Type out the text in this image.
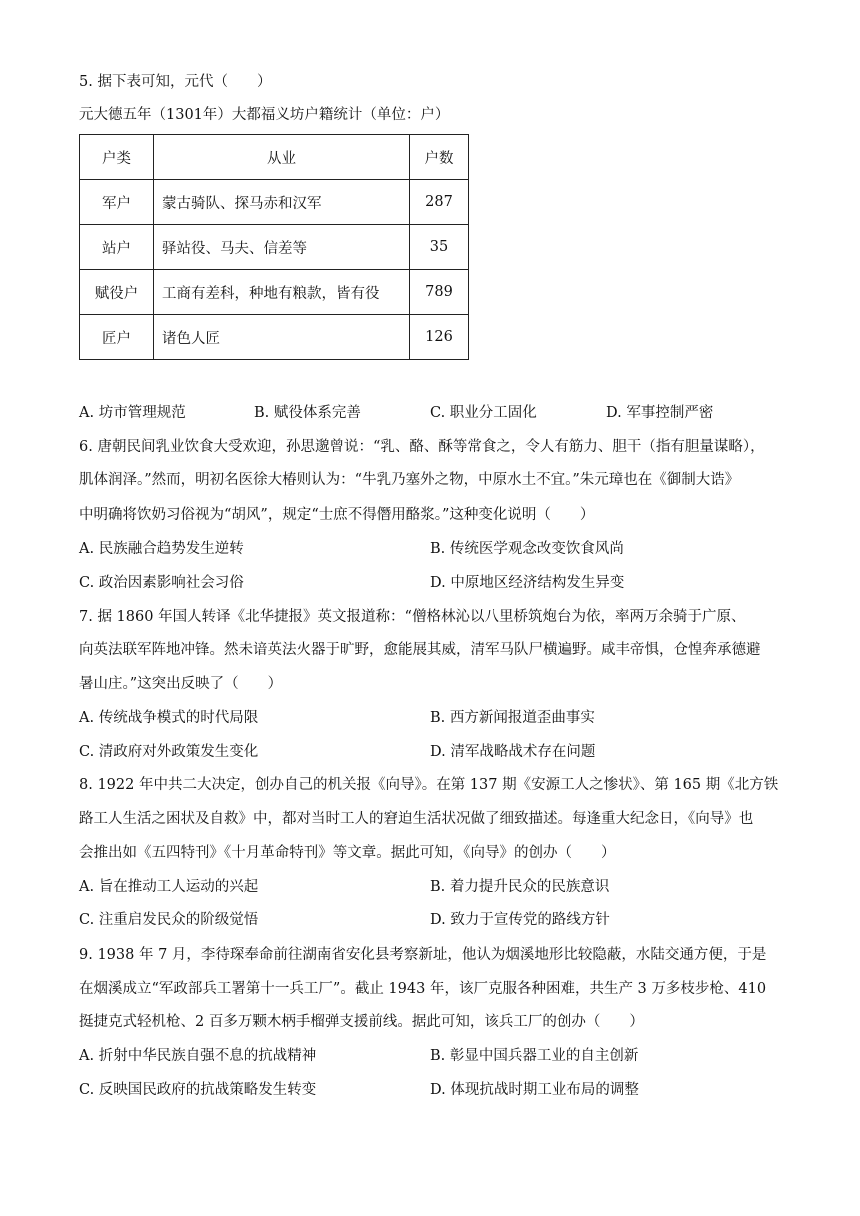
5. 据下表可知，元代（　　）
元大德五年（1301年）大都福义坊户籍统计（单位：户）
户类	从业	户数
军户	蒙古骑队、探马赤和汉军	287
站户	驿站役、马夫、信差等	35
赋役户	工商有差科，种地有粮款，皆有役	789
匠户	诸色人匠	126
A. 坊市管理规范	B. 赋役体系完善	C. 职业分工固化	D. 军事控制严密
6. 唐朝民间乳业饮食大受欢迎，孙思邈曾说：“乳、酪、酥等常食之，令人有筋力、胆干（指有胆量谋略），
肌体润泽。”然而，明初名医徐大椿则认为：“牛乳乃塞外之物，中原水土不宜。”朱元璋也在《御制大诰》
中明确将饮奶习俗视为“胡风”，规定“士庶不得僭用酪浆。”这种变化说明（　　）
A. 民族融合趋势发生逆转	B. 传统医学观念改变饮食风尚
C. 政治因素影响社会习俗	D. 中原地区经济结构发生异变
7. 据 1860 年国人转译《北华捷报》英文报道称：“僧格林沁以八里桥筑炮台为依，率两万余骑于广原、
向英法联军阵地冲锋。然未谙英法火器于旷野，愈能展其威，清军马队尸横遍野。咸丰帝惧，仓惶奔承德避
暑山庄。”这突出反映了（　　）
A. 传统战争模式的时代局限	B. 西方新闻报道歪曲事实
C. 清政府对外政策发生变化	D. 清军战略战术存在问题
8. 1922 年中共二大决定，创办自己的机关报《向导》。在第 137 期《安源工人之惨状》、第 165 期《北方铁
路工人生活之困状及自救》中，都对当时工人的窘迫生活状况做了细致描述。每逢重大纪念日，《向导》也
会推出如《五四特刊》《十月革命特刊》等文章。据此可知，《向导》的创办（　　）
A. 旨在推动工人运动的兴起	B. 着力提升民众的民族意识
C. 注重启发民众的阶级觉悟	D. 致力于宣传党的路线方针
9. 1938 年 7 月，李待琛奉命前往湖南省安化县考察新址，他认为烟溪地形比较隐蔽，水陆交通方便，于是
在烟溪成立“军政部兵工署第十一兵工厂”。截止 1943 年，该厂克服各种困难，共生产 3 万多枝步枪、410
挺捷克式轻机枪、2 百多万颗木柄手榴弹支援前线。据此可知，该兵工厂的创办（　　）
A. 折射中华民族自强不息的抗战精神	B. 彰显中国兵器工业的自主创新
C. 反映国民政府的抗战策略发生转变	D. 体现抗战时期工业布局的调整
